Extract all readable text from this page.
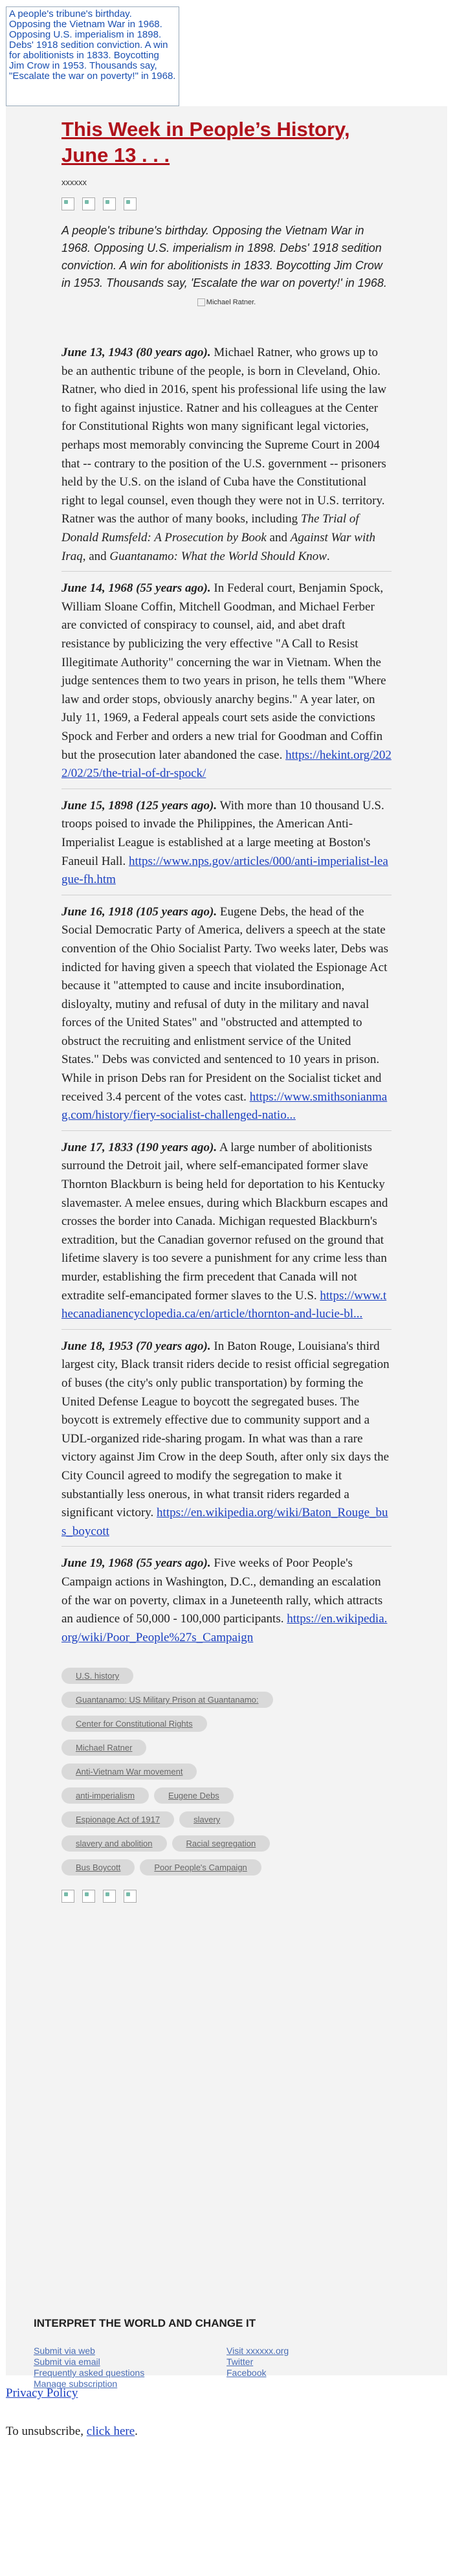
A people's tribune's birthday. Opposing the Vietnam War in 1968. Opposing U.S. imperialism in 1898. Debs' 1918 sedition conviction. A win for abolitionists in 1833. Boycotting Jim Crow in 1953. Thousands say, "Escalate the war on poverty!" in 1968.
This Week in People’s History, June 13 . . .
xxxxxx
A people's tribune's birthday. Opposing the Vietnam War in 1968. Opposing U.S. imperialism in 1898. Debs' 1918 sedition conviction. A win for abolitionists in 1833. Boycotting Jim Crow in 1953. Thousands say, 'Escalate the war on poverty!' in 1968.
Michael Ratner.
June 13, 1943 (80 years ago). Michael Ratner, who grows up to be an authentic tribune of the people, is born in Cleveland, Ohio. Ratner, who died in 2016, spent his professional life using the law to fight against injustice. Ratner and his colleagues at the Center for Constitutional Rights won many significant legal victories, perhaps most memorably convincing the Supreme Court in 2004 that -- contrary to the position of the U.S. government -- prisoners held by the U.S. on the island of Cuba have the Constitutional right to legal counsel, even though they were not in U.S. territory. Ratner was the author of many books, including The Trial of Donald Rumsfeld: A Prosecution by Book and Against War with Iraq, and Guantanamo: What the World Should Know.
June 14, 1968 (55 years ago). In Federal court, Benjamin Spock, William Sloane Coffin, Mitchell Goodman, and Michael Ferber are convicted of conspiracy to counsel, aid, and abet draft resistance by publicizing the very effective "A Call to Resist Illegitimate Authority" concerning the war in Vietnam. When the judge sentences them to two years in prison, he tells them "Where law and order stops, obviously anarchy begins." A year later, on July 11, 1969, a Federal appeals court sets aside the convictions Spock and Ferber and orders a new trial for Goodman and Coffin but the prosecution later abandoned the case. https://hekint.org/2022/02/25/the-trial-of-dr-spock/
June 15, 1898 (125 years ago). With more than 10 thousand U.S. troops poised to invade the Philippines, the American Anti-Imperialist League is established at a large meeting at Boston's Faneuil Hall. https://www.nps.gov/articles/000/anti-imperialist-league-fh.htm
June 16, 1918 (105 years ago). Eugene Debs, the head of the Social Democratic Party of America, delivers a speech at the state convention of the Ohio Socialist Party. Two weeks later, Debs was indicted for having given a speech that violated the Espionage Act because it "attempted to cause and incite insubordination, disloyalty, mutiny and refusal of duty in the military and naval forces of the United States" and "obstructed and attempted to obstruct the recruiting and enlistment service of the United States." Debs was convicted and sentenced to 10 years in prison. While in prison Debs ran for President on the Socialist ticket and received 3.4 percent of the votes cast. https://www.smithsonianmag.com/history/fiery-socialist-challenged-natio...
June 17, 1833 (190 years ago). A large number of abolitionists surround the Detroit jail, where self-emancipated former slave Thornton Blackburn is being held for deportation to his Kentucky slavemaster. A melee ensues, during which Blackburn escapes and crosses the border into Canada. Michigan requested Blackburn's extradition, but the Canadian governor refused on the ground that lifetime slavery is too severe a punishment for any crime less than murder, establishing the firm precedent that Canada will not extradite self-emancipated former slaves to the U.S. https://www.thecanadianencyclopedia.ca/en/article/thornton-and-lucie-bl...
June 18, 1953 (70 years ago). In Baton Rouge, Louisiana's third largest city, Black transit riders decide to resist official segregation of buses (the city's only public transportation) by forming the United Defense League to boycott the segregated buses. The boycott is extremely effective due to community support and a UDL-organized ride-sharing progam. In what was than a rare victory against Jim Crow in the deep South, after only six days the City Council agreed to modify the segregation to make it substantially less onerous, in what transit riders regarded a significant victory. https://en.wikipedia.org/wiki/Baton_Rouge_bus_boycott
June 19, 1968 (55 years ago). Five weeks of Poor People's Campaign actions in Washington, D.C., demanding an escalation of the war on poverty, climax in a Juneteenth rally, which attracts an audience of 50,000 - 100,000 participants. https://en.wikipedia.org/wiki/Poor_People%27s_Campaign
U.S. history
Guantanamo: US Military Prison at Guantanamo:
Center for Constitutional Rights
Michael Ratner
Anti-Vietnam War movement
anti-imperialism	Eugene Debs
Espionage Act of 1917	slavery
slavery and abolition	Racial segregation
Bus Boycott	Poor People's Campaign
INTERPRET THE WORLD AND CHANGE IT
Submit via web
Submit via email
Frequently asked questions
Manage subscription
Visit xxxxxx.org
Twitter
Facebook
Privacy Policy
To unsubscribe, click here.
